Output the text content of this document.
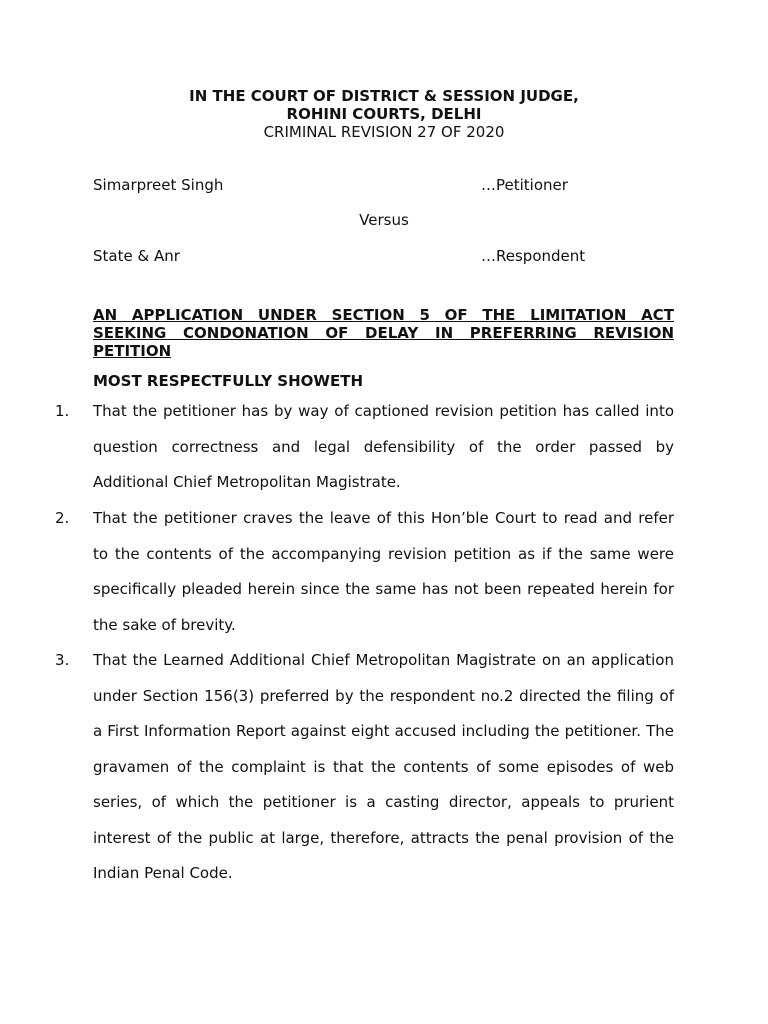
IN THE COURT OF DISTRICT & SESSION JUDGE,
ROHINI COURTS, DELHI
CRIMINAL REVISION 27 OF 2020
Simarpreet Singh	…Petitioner
Versus
State & Anr	…Respondent
AN APPLICATION UNDER SECTION 5 OF THE LIMITATION ACT SEEKING CONDONATION OF DELAY IN PREFERRING REVISION PETITION
MOST RESPECTFULLY SHOWETH
1.	That the petitioner has by way of captioned revision petition has called into question correctness and legal defensibility of the order passed by Additional Chief Metropolitan Magistrate.
2.	That the petitioner craves the leave of this Hon’ble Court to read and refer to the contents of the accompanying revision petition as if the same were specifically pleaded herein since the same has not been repeated herein for the sake of brevity.
3.	That the Learned Additional Chief Metropolitan Magistrate on an application under Section 156(3) preferred by the respondent no.2 directed the filing of a First Information Report against eight accused including the petitioner. The gravamen of the complaint is that the contents of some episodes of web series, of which the petitioner is a casting director, appeals to prurient interest of the public at large, therefore, attracts the penal provision of the Indian Penal Code.
